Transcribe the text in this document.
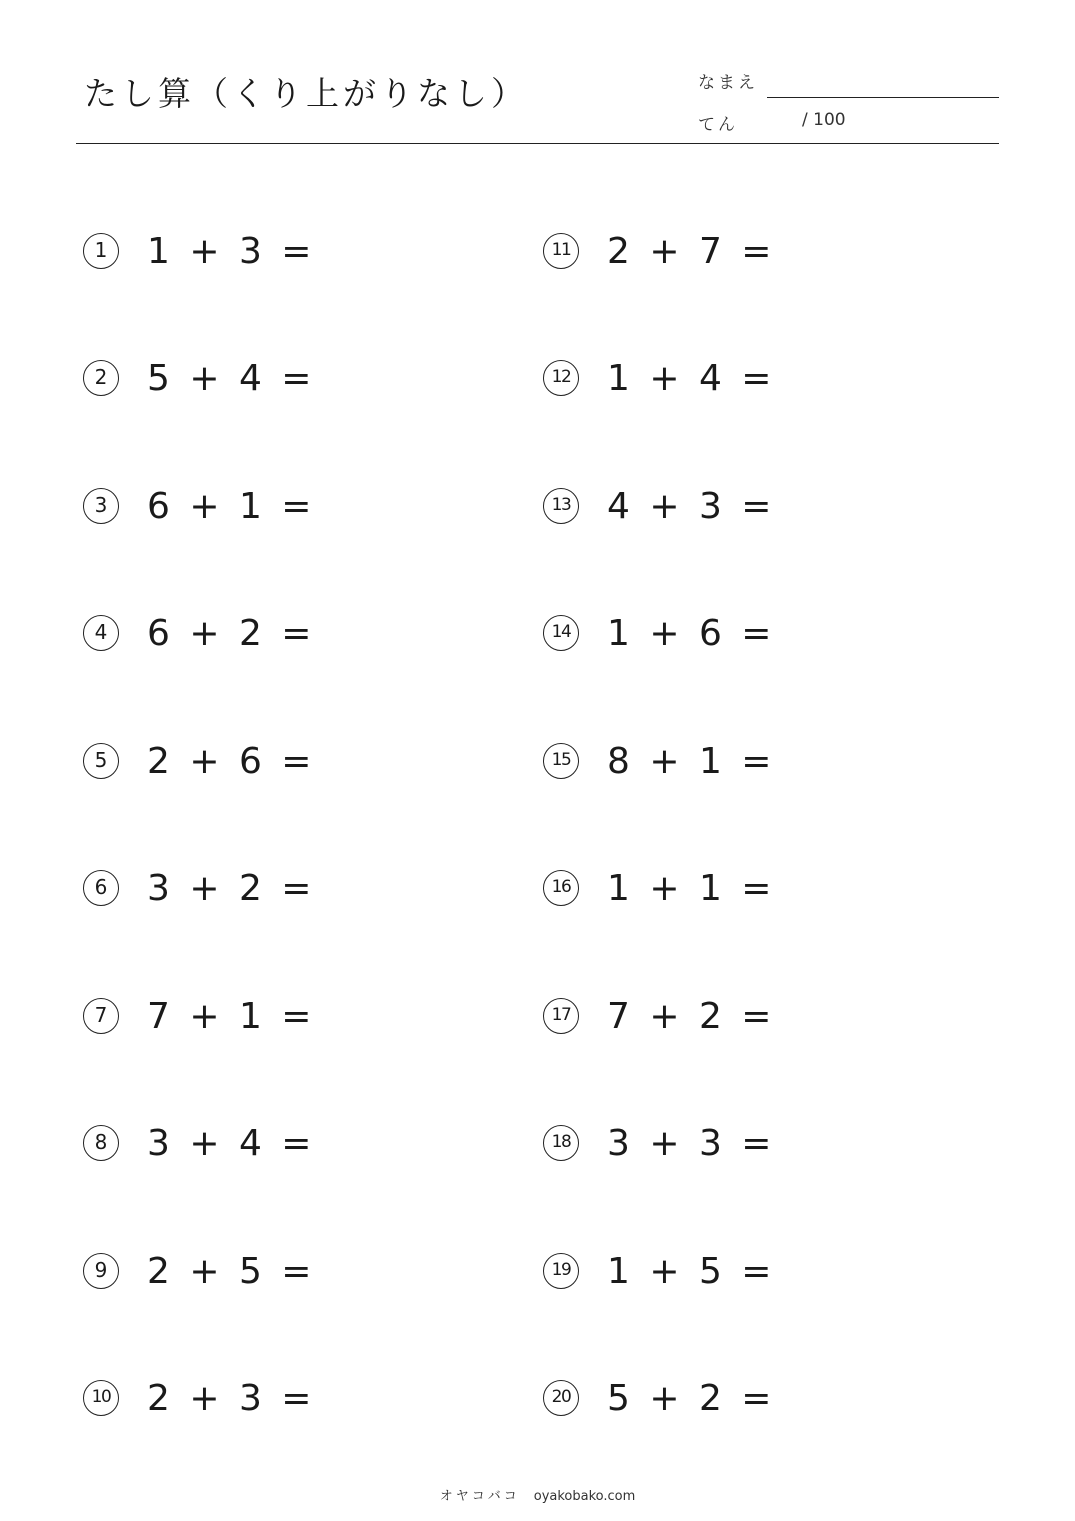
たし算（くり上がりなし）	なまえ
てん	/ 100
1	1 + 3 =
2	5 + 4 =
3	6 + 1 =
4	6 + 2 =
5	2 + 6 =
6	3 + 2 =
7	7 + 1 =
8	3 + 4 =
9	2 + 5 =
10 2 + 3 =
11 2 + 7 =
12 1 + 4 =
13 4 + 3 =
14 1 + 6 =
15 8 + 1 =
16 1 + 1 =
17 7 + 2 =
18 3 + 3 =
19 1 + 5 =
20 5 + 2 =
オヤコバコ oyakobako.com
